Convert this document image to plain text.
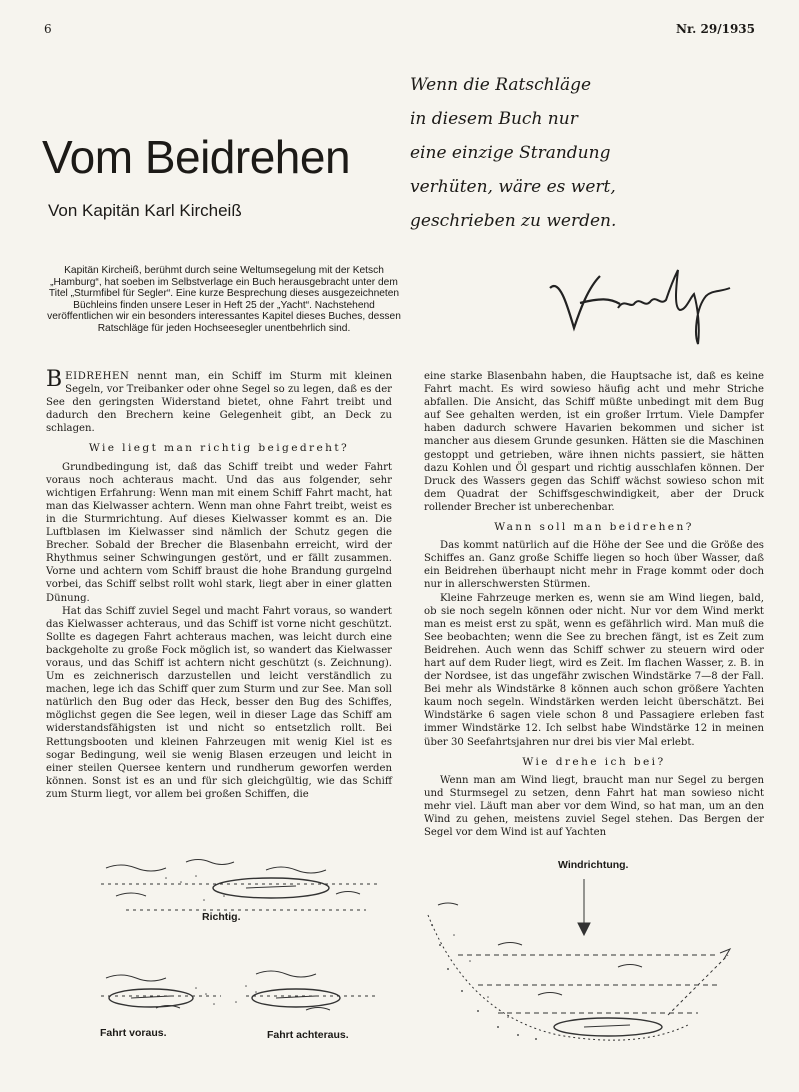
6	Nr. 29/1935
Vom Beidrehen
Von Kapitän Karl Kircheiß
Kapitän Kircheiß, berühmt durch seine Weltumsegelung mit der Ketsch „Hamburg“, hat soeben im Selbstverlage ein Buch herausgebracht unter dem Titel „Sturmfibel für Segler“. Eine kurze Besprechung dieses ausgezeichneten Büchleins finden unsere Leser in Heft 25 der „Yacht“. Nachstehend veröffentlichen wir ein besonders interessantes Kapitel dieses Buches, dessen Ratschläge für jeden Hochseesegler unentbehrlich sind.
Wenn die Ratschläge
in diesem Buch nur
eine einzige Strandung
verhüten, wäre es wert,
geschrieben zu werden.

BEIDREHEN nennt man, ein Schiff im Sturm mit kleinen Segeln, vor Treibanker oder ohne Segel so zu legen, daß es der See den geringsten Widerstand bietet, ohne Fahrt treibt und dadurch den Brechern keine Gelegenheit gibt, an Deck zu schlagen.

Wie liegt man richtig beigedreht?

Grundbedingung ist, daß das Schiff treibt und weder Fahrt voraus noch achteraus macht. Und das aus folgender, sehr wichtigen Erfahrung: Wenn man mit einem Schiff Fahrt macht, hat man das Kielwasser achtern. Wenn man ohne Fahrt treibt, weist es in die Sturmrichtung. Auf dieses Kielwasser kommt es an. Die Luftblasen im Kielwasser sind nämlich der Schutz gegen die Brecher. Sobald der Brecher die Blasenbahn erreicht, wird der Rhythmus seiner Schwingungen gestört, und er fällt zusammen. Vorne und achtern vom Schiff braust die hohe Brandung gurgelnd vorbei, das Schiff selbst rollt wohl stark, liegt aber in einer glatten Dünung.

Hat das Schiff zuviel Segel und macht Fahrt voraus, so wandert das Kielwasser achteraus, und das Schiff ist vorne nicht geschützt. Sollte es dagegen Fahrt achteraus machen, was leicht durch eine backgeholte zu große Fock möglich ist, so wandert das Kielwasser voraus, und das Schiff ist achtern nicht geschützt (s. Zeichnung). Um es zeichnerisch darzustellen und leicht verständlich zu machen, lege ich das Schiff quer zum Sturm und zur See. Man soll natürlich den Bug oder das Heck, besser den Bug des Schiffes, möglichst gegen die See legen, weil in dieser Lage das Schiff am widerstandsfähigsten ist und nicht so entsetzlich rollt. Bei Rettungsbooten und kleinen Fahrzeugen mit wenig Kiel ist es sogar Bedingung, weil sie wenig Blasen erzeugen und leicht in einer steilen Quersee kentern und rundherum geworfen werden können. Sonst ist es an und für sich gleichgültig, wie das Schiff zum Sturm liegt, vor allem bei großen Schiffen, die

eine starke Blasenbahn haben, die Hauptsache ist, daß es keine Fahrt macht. Es wird sowieso häufig acht und mehr Striche abfallen. Die Ansicht, das Schiff müßte unbedingt mit dem Bug auf See gehalten werden, ist ein großer Irrtum. Viele Dampfer haben dadurch schwere Havarien bekommen und sicher ist mancher aus diesem Grunde gesunken. Hätten sie die Maschinen gestoppt und getrieben, wäre ihnen nichts passiert, sie hätten dazu Kohlen und Öl gespart und richtig ausschlafen können. Der Druck des Wassers gegen das Schiff wächst sowieso schon mit dem Quadrat der Schiffsgeschwindigkeit, aber der Druck rollender Brecher ist unberechenbar.

Wann soll man beidrehen?

Das kommt natürlich auf die Höhe der See und die Größe des Schiffes an. Ganz große Schiffe liegen so hoch über Wasser, daß ein Beidrehen überhaupt nicht mehr in Frage kommt oder doch nur in allerschwersten Stürmen.

Kleine Fahrzeuge merken es, wenn sie am Wind liegen, bald, ob sie noch segeln können oder nicht. Nur vor dem Wind merkt man es meist erst zu spät, wenn es gefährlich wird. Man muß die See beobachten; wenn die See zu brechen fängt, ist es Zeit zum Beidrehen. Auch wenn das Schiff schwer zu steuern wird oder hart auf dem Ruder liegt, wird es Zeit. Im flachen Wasser, z. B. in der Nordsee, ist das ungefähr zwischen Windstärke 7—8 der Fall. Bei mehr als Windstärke 8 können auch schon größere Yachten kaum noch segeln. Windstärken werden leicht überschätzt. Bei Windstärke 6 sagen viele schon 8 und Passagiere erleben fast immer Windstärke 12. Ich selbst habe Windstärke 12 in meinen über 30 Seefahrtsjahren nur drei bis vier Mal erlebt.

Wie drehe ich bei?

Wenn man am Wind liegt, braucht man nur Segel zu bergen und Sturmsegel zu setzen, denn Fahrt hat man sowieso nicht mehr viel. Läuft man aber vor dem Wind, so hat man, um an den Wind zu gehen, meistens zuviel Segel stehen. Das Bergen der Segel vor dem Wind ist auf Yachten

Richtig.
Fahrt voraus.	Fahrt achteraus.
Windrichtung.
